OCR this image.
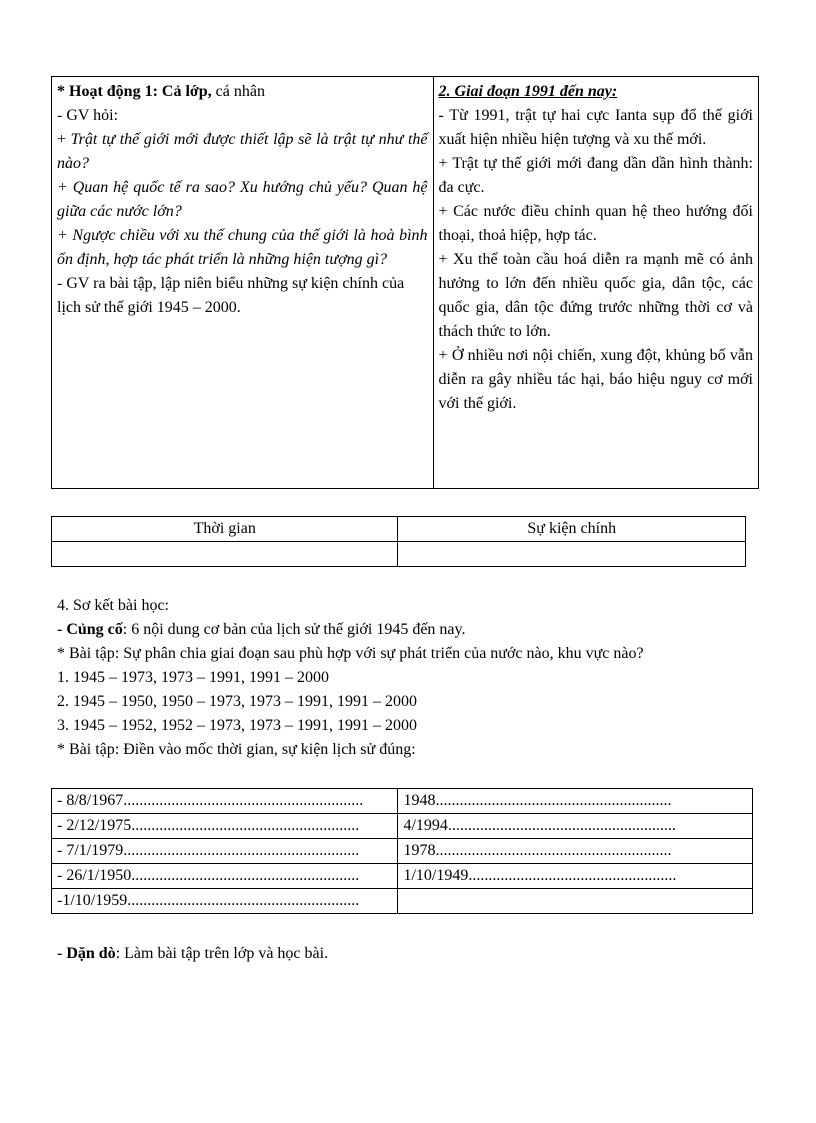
* Hoạt động 1: Cả lớp, cá nhân

- GV hỏi:

+ Trật tự thế giới mới được thiết lập sẽ là trật tự như thế nào?

+ Quan hệ quốc tế ra sao? Xu hướng chủ yếu? Quan hệ giữa các nước lớn?

+ Ngược chiều với xu thế chung của thế giới là hoà bình ổn định, hợp tác phát triển là những hiện tượng gì?

- GV ra bài tập, lập niên biểu những sự kiện chính của lịch sử thế giới 1945 – 2000.

2. Giai đoạn 1991 đến nay:

- Từ 1991, trật tự hai cực Ianta sụp đổ thế giới xuất hiện nhiều hiện tượng và xu thế mới.

+ Trật tự thế giới mới đang dần dần hình thành: đa cực.

+ Các nước điều chỉnh quan hệ theo hướng đối thoại, thoả hiệp, hợp tác.

+ Xu thế toàn cầu hoá diễn ra mạnh mẽ có ảnh hưởng to lớn đến nhiều quốc gia, dân tộc, các quốc gia, dân tộc đứng trước những thời cơ và thách thức to lớn.

+ Ở nhiều nơi nội chiến, xung đột, khủng bố vẫn diễn ra gây nhiều tác hại, báo hiệu nguy cơ mới với thế giới.

Thời gian	Sự kiện chính

4. Sơ kết bài học:

- Củng cố: 6 nội dung cơ bản của lịch sử thế giới 1945 đến nay.

* Bài tập: Sự phân chia giai đoạn sau phù hợp với sự phát triển của nước nào, khu vực nào?

1. 1945 – 1973, 1973 – 1991, 1991 – 2000

2. 1945 – 1950, 1950 – 1973, 1973 – 1991, 1991 – 2000

3. 1945 – 1952, 1952 – 1973, 1973 – 1991, 1991 – 2000

* Bài tập: Điền vào mốc thời gian, sự kiện lịch sử đúng:

- 8/8/1967............................................................	1948...........................................................
- 2/12/1975.........................................................	4/1994.........................................................
- 7/1/1979...........................................................	1978...........................................................
- 26/1/1950.........................................................	1/10/1949....................................................
-1/10/1959..........................................................	
- Dặn dò: Làm bài tập trên lớp và học bài.
